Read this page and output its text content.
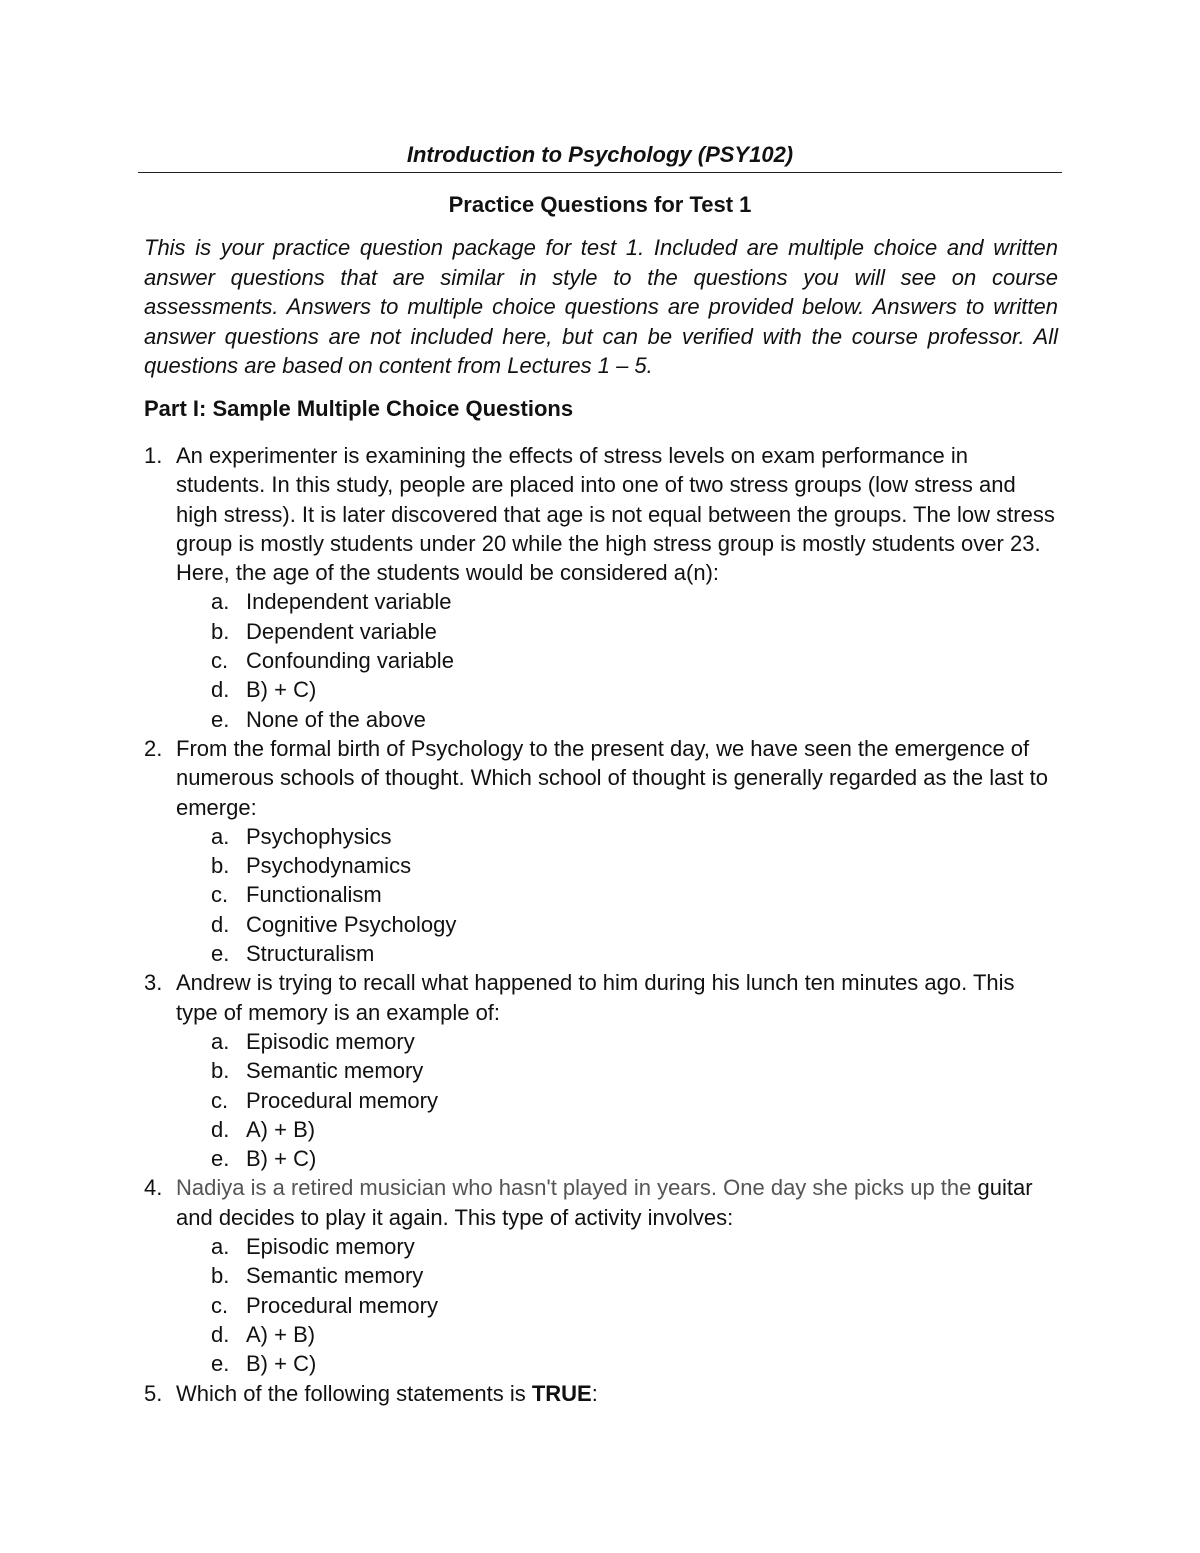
Introduction to Psychology (PSY102)
Practice Questions for Test 1

This is your practice question package for test 1. Included are multiple choice and written answer questions that are similar in style to the questions you will see on course assessments. Answers to multiple choice questions are provided below. Answers to written answer questions are not included here, but can be verified with the course professor. All questions are based on content from Lectures 1 – 5.

Part I: Sample Multiple Choice Questions

1. An experimenter is examining the effects of stress levels on exam performance in students. In this study, people are placed into one of two stress groups (low stress and high stress). It is later discovered that age is not equal between the groups. The low stress group is mostly students under 20 while the high stress group is mostly students over 23. Here, the age of the students would be considered a(n):
a. Independent variable
b. Dependent variable
c. Confounding variable
d. B) + C)
e. None of the above
2. From the formal birth of Psychology to the present day, we have seen the emergence of numerous schools of thought. Which school of thought is generally regarded as the last to emerge:
a. Psychophysics
b. Psychodynamics
c. Functionalism
d. Cognitive Psychology
e. Structuralism
3. Andrew is trying to recall what happened to him during his lunch ten minutes ago. This type of memory is an example of:
a. Episodic memory
b. Semantic memory
c. Procedural memory
d. A) + B)
e. B) + C)
4. Nadiya is a retired musician who hasn't played in years. One day she picks up the guitar and decides to play it again. This type of activity involves:
a. Episodic memory
b. Semantic memory
c. Procedural memory
d. A) + B)
e. B) + C)
5. Which of the following statements is TRUE:
